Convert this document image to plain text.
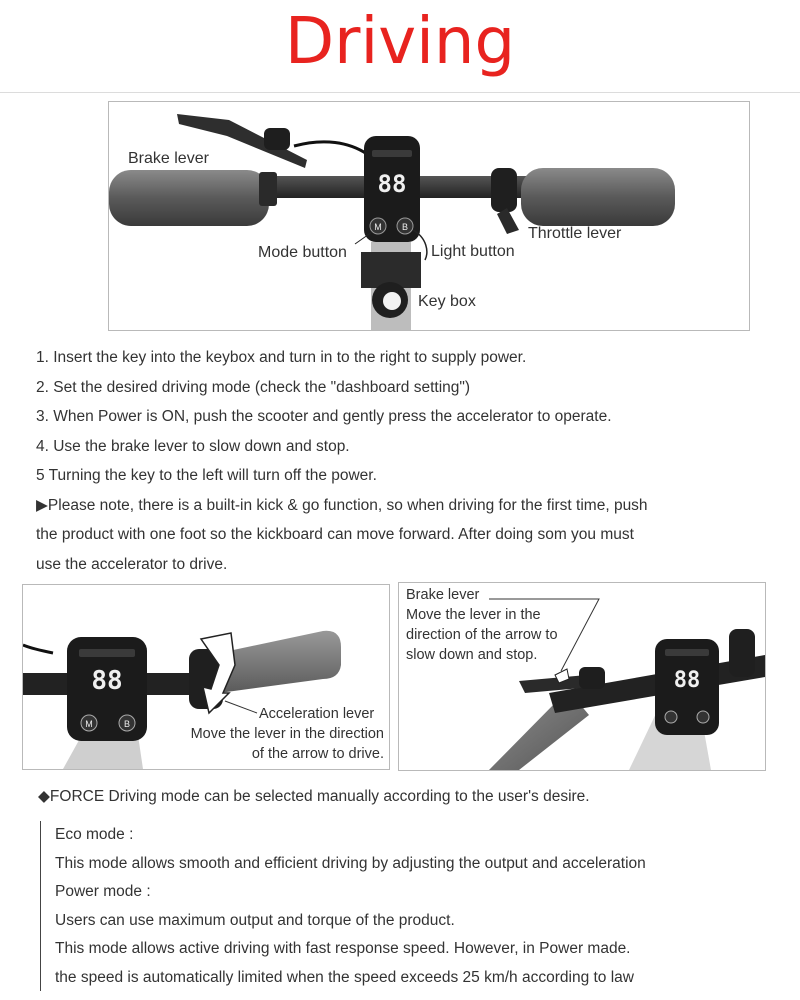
Driving
88
M B
Brake lever
Throttle lever
Mode button	Light button
Key box
1. Insert the key into the keybox and turn in to the right to supply power.
2. Set the desired driving mode (check the "dashboard setting")
3. When Power is ON, push the scooter and gently press the accelerator to operate.
4. Use the brake lever to slow down and stop.
5 Turning the key to the left will turn off the power.
▶Please note, there is a built-in kick & go function, so when driving for the first time, push
the product with one foot so the kickboard can move forward. After doing som you must
use the accelerator to drive.
88
M	B
Acceleration lever
Move the lever in the direction
of the arrow to drive.
88
Brake lever
Move the lever in the
direction of the arrow to
slow down and stop.
◆FORCE Driving mode can be selected manually according to the user's desire.
Eco mode :
This mode allows smooth and efficient driving by adjusting the output and acceleration
Power mode :
Users can use maximum output and torque of the product.
This mode allows active driving with fast response speed. However, in Power made.
the speed is automatically limited when the speed exceeds 25 km/h according to law
